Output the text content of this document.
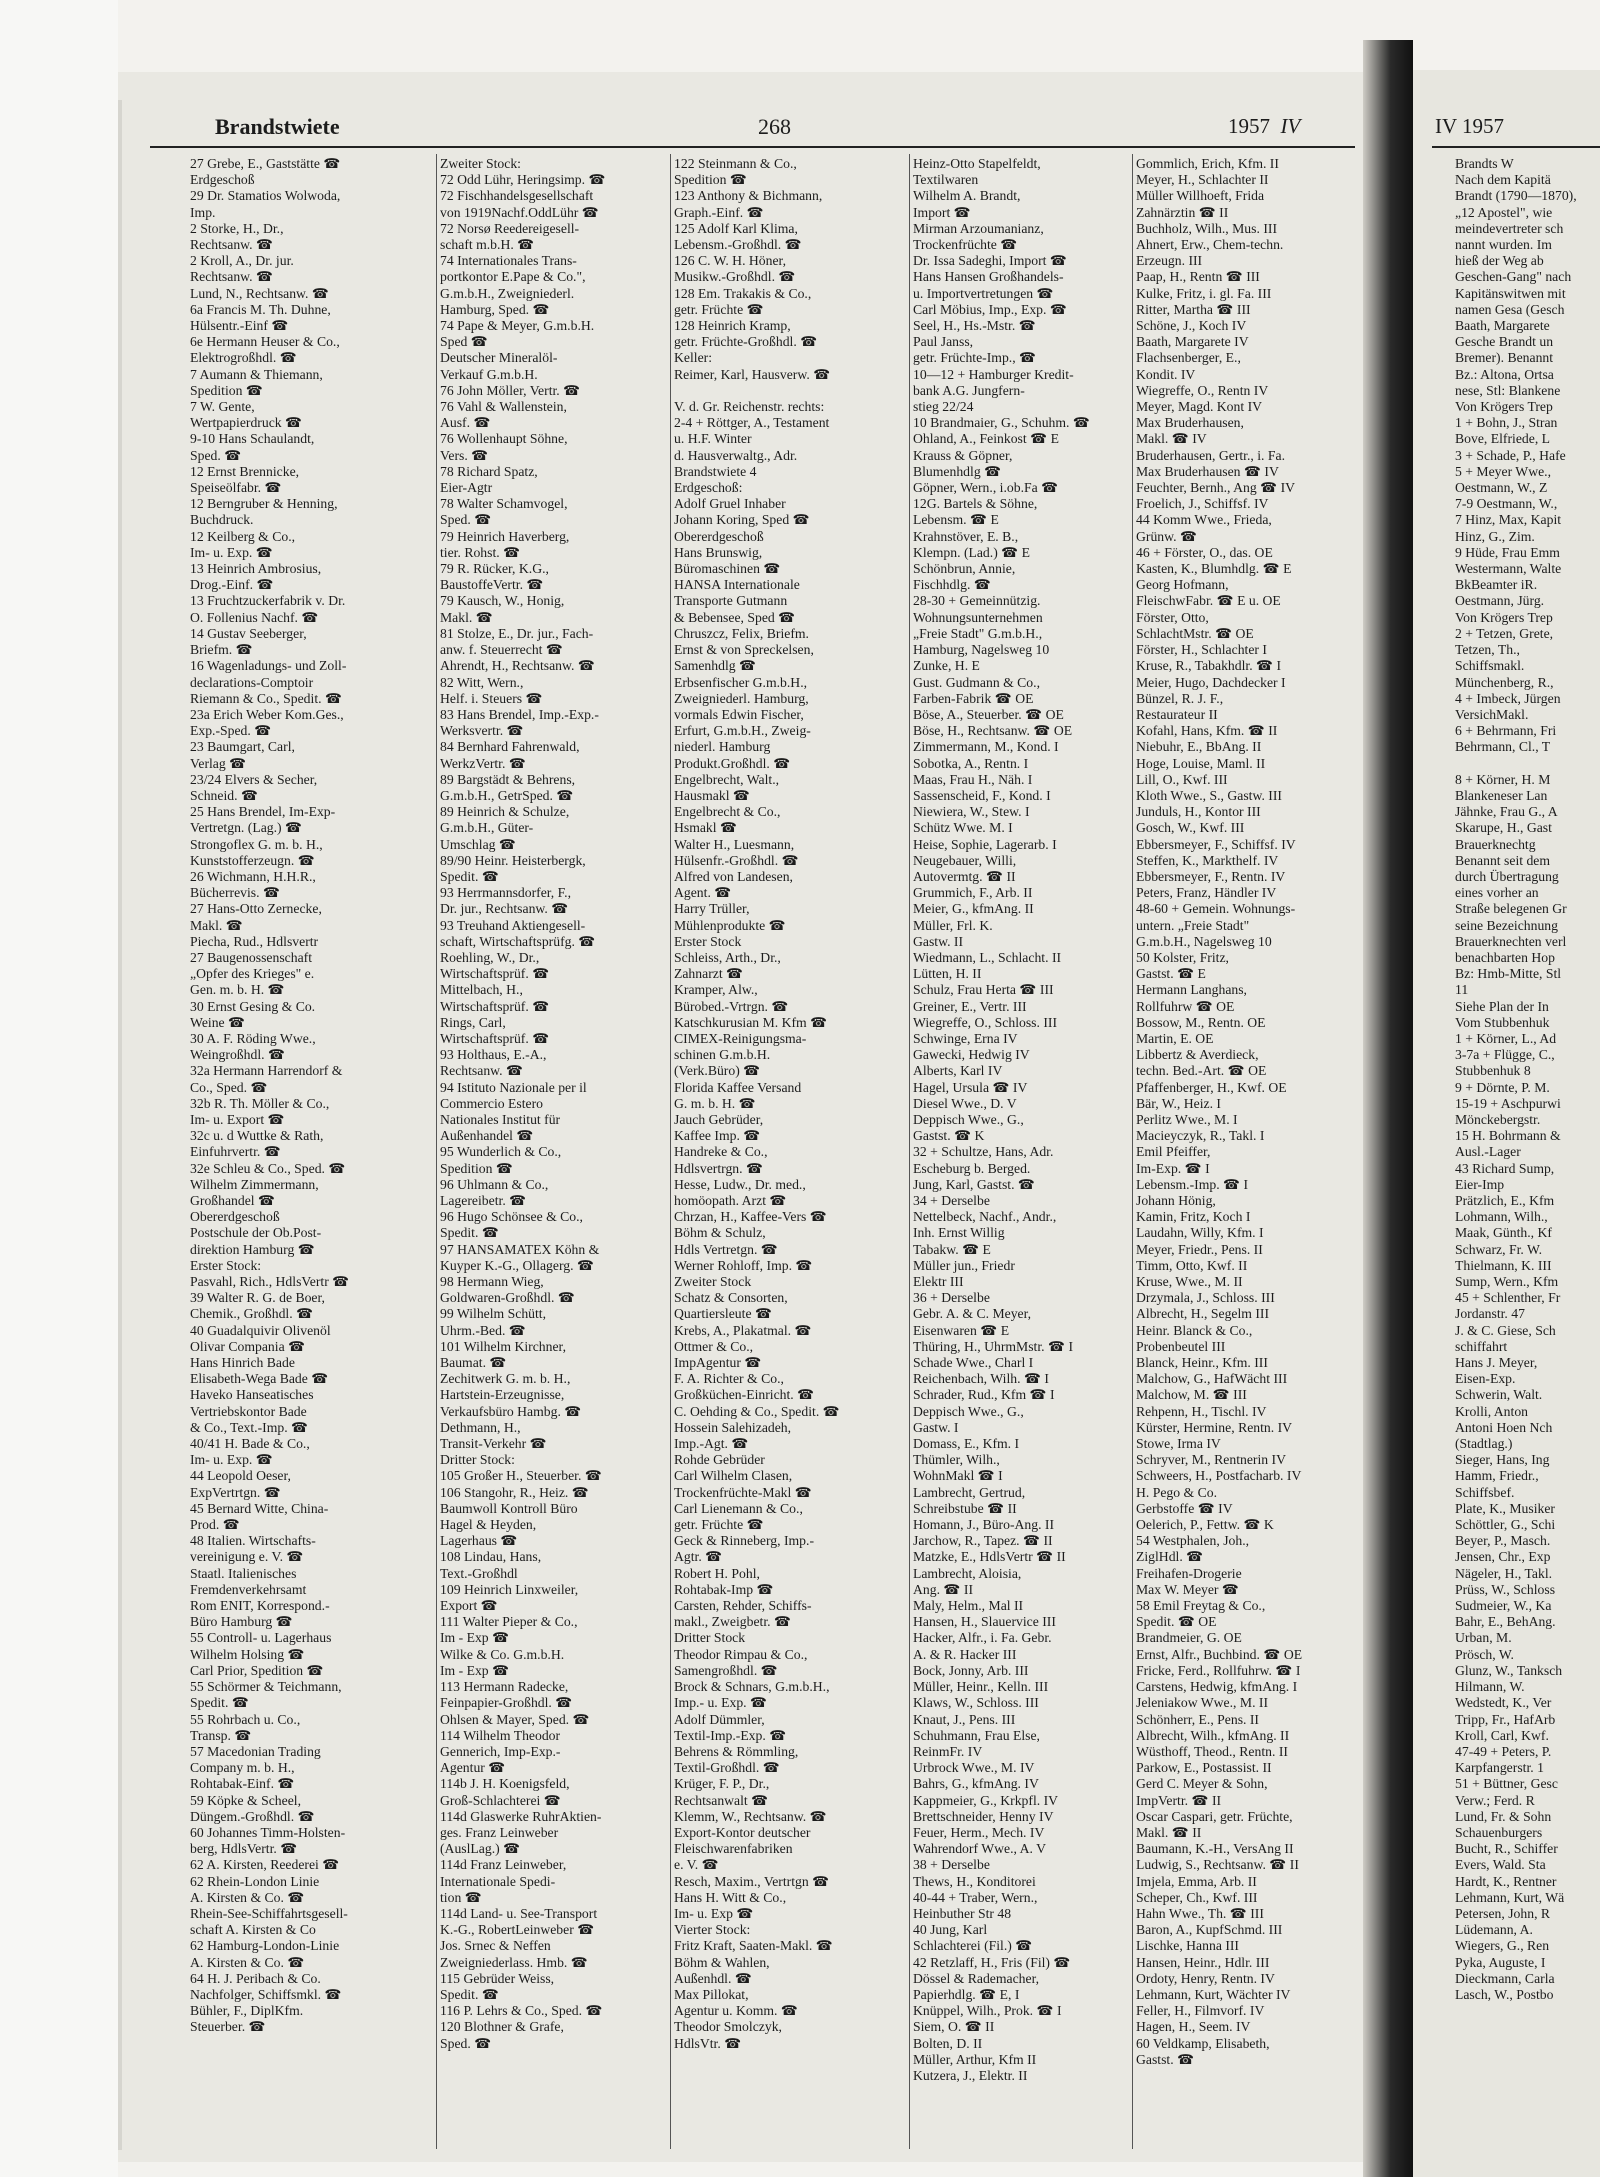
Brandstwiete	268	1957 IV
27 Grebe, E., Gaststätte ☎
Erdgeschoß
29 Dr. Stamatios Wolwoda,
Imp.
2 Storke, H., Dr.,
Rechtsanw. ☎
2 Kroll, A., Dr. jur.
Rechtsanw. ☎
Lund, N., Rechtsanw. ☎
6a Francis M. Th. Duhne,
Hülsentr.-Einf ☎
6e Hermann Heuser & Co.,
Elektrogroßhdl. ☎
7 Aumann & Thiemann,
Spedition ☎
7 W. Gente,
Wertpapierdruck ☎
9-10 Hans Schaulandt,
Sped. ☎
12 Ernst Brennicke,
Speiseölfabr. ☎
12 Berngruber & Henning,
Buchdruck.
12 Keilberg & Co.,
Im- u. Exp. ☎
13 Heinrich Ambrosius,
Drog.-Einf. ☎
13 Fruchtzuckerfabrik v. Dr.
O. Follenius Nachf. ☎
14 Gustav Seeberger,
Briefm. ☎
16 Wagenladungs- und Zoll-
declarations-Comptoir
Riemann & Co., Spedit. ☎
23a Erich Weber Kom.Ges.,
Exp.-Sped. ☎
23 Baumgart, Carl,
Verlag ☎
23/24 Elvers & Secher,
Schneid. ☎
25 Hans Brendel, Im-Exp-
Vertretgn. (Lag.) ☎
Strongoflex G. m. b. H.,
Kunststofferzeugn. ☎
26 Wichmann, H.H.R.,
Bücherrevis. ☎
27 Hans-Otto Zernecke,
Makl. ☎
Piecha, Rud., Hdlsvertr
27 Baugenossenschaft
„Opfer des Krieges" e.
Gen. m. b. H. ☎
30 Ernst Gesing & Co.
Weine ☎
30 A. F. Röding Wwe.,
Weingroßhdl. ☎
32a Hermann Harrendorf &
Co., Sped. ☎
32b R. Th. Möller & Co.,
Im- u. Export ☎
32c u. d Wuttke & Rath,
Einfuhrvertr. ☎
32e Schleu & Co., Sped. ☎
Wilhelm Zimmermann,
Großhandel ☎
Obererdgeschoß
Postschule der Ob.Post-
direktion Hamburg ☎
Erster Stock:
Pasvahl, Rich., HdlsVertr ☎
39 Walter R. G. de Boer,
Chemik., Großhdl. ☎
40 Guadalquivir Olivenöl
Olivar Compania ☎
Hans Hinrich Bade
Elisabeth-Wega Bade ☎
Haveko Hanseatisches
Vertriebskontor Bade
& Co., Text.-Imp. ☎
40/41 H. Bade & Co.,
Im- u. Exp. ☎
44 Leopold Oeser,
ExpVertrtgn. ☎
45 Bernard Witte, China-
Prod. ☎
48 Italien. Wirtschafts-
vereinigung e. V. ☎
Staatl. Italienisches
Fremdenverkehrsamt
Rom ENIT, Korrespond.-
Büro Hamburg ☎
55 Controll- u. Lagerhaus
Wilhelm Holsing ☎
Carl Prior, Spedition ☎
55 Schörmer & Teichmann,
Spedit. ☎
55 Rohrbach u. Co.,
Transp. ☎
57 Macedonian Trading
Company m. b. H.,
Rohtabak-Einf. ☎
59 Köpke & Scheel,
Düngem.-Großhdl. ☎
60 Johannes Timm-Holsten-
berg, HdlsVertr. ☎
62 A. Kirsten, Reederei ☎
62 Rhein-London Linie
A. Kirsten & Co. ☎
Rhein-See-Schiffahrtsgesell-
schaft A. Kirsten & Co
62 Hamburg-London-Linie
A. Kirsten & Co. ☎
64 H. J. Peribach & Co.
Nachfolger, Schiffsmkl. ☎
Bühler, F., DiplKfm.
Steuerber. ☎
Zweiter Stock:
72 Odd Lühr, Heringsimp. ☎
72 Fischhandelsgesellschaft
von 1919Nachf.OddLühr ☎
72 Norsø Reedereigesell-
schaft m.b.H. ☎
74 Internationales Trans-
portkontor E.Pape & Co.",
G.m.b.H., Zweigniederl.
Hamburg, Sped. ☎
74 Pape & Meyer, G.m.b.H.
Sped ☎
Deutscher Mineralöl-
Verkauf G.m.b.H.
76 John Möller, Vertr. ☎
76 Vahl & Wallenstein,
Ausf. ☎
76 Wollenhaupt Söhne,
Vers. ☎
78 Richard Spatz,
Eier-Agtr
78 Walter Schamvogel,
Sped. ☎
79 Heinrich Haverberg,
tier. Rohst. ☎
79 R. Rücker, K.G.,
BaustoffeVertr. ☎
79 Kausch, W., Honig,
Makl. ☎
81 Stolze, E., Dr. jur., Fach-
anw. f. Steuerrecht ☎
Ahrendt, H., Rechtsanw. ☎
82 Witt, Wern.,
Helf. i. Steuers ☎
83 Hans Brendel, Imp.-Exp.-
Werksvertr. ☎
84 Bernhard Fahrenwald,
WerkzVertr. ☎
89 Bargstädt & Behrens,
G.m.b.H., GetrSped. ☎
89 Heinrich & Schulze,
G.m.b.H., Güter-
Umschlag ☎
89/90 Heinr. Heisterbergk,
Spedit. ☎
93 Herrmannsdorfer, F.,
Dr. jur., Rechtsanw. ☎
93 Treuhand Aktiengesell-
schaft, Wirtschaftsprüfg. ☎
Roehling, W., Dr.,
Wirtschaftsprüf. ☎
Mittelbach, H.,
Wirtschaftsprüf. ☎
Rings, Carl,
Wirtschaftsprüf. ☎
93 Holthaus, E.-A.,
Rechtsanw. ☎
94 Istituto Nazionale per il
Commercio Estero
Nationales Institut für
Außenhandel ☎
95 Wunderlich & Co.,
Spedition ☎
96 Uhlmann & Co.,
Lagereibetr. ☎
96 Hugo Schönsee & Co.,
Spedit. ☎
97 HANSAMATEX Köhn &
Kuyper K.-G., Ollagerg. ☎
98 Hermann Wieg,
Goldwaren-Großhdl. ☎
99 Wilhelm Schütt,
Uhrm.-Bed. ☎
101 Wilhelm Kirchner,
Baumat. ☎
Zechitwerk G. m. b. H.,
Hartstein-Erzeugnisse,
Verkaufsbüro Hambg. ☎
Dethmann, H.,
Transit-Verkehr ☎
Dritter Stock:
105 Großer H., Steuerber. ☎
106 Stangohr, R., Heiz. ☎
Baumwoll Kontroll Büro
Hagel & Heyden,
Lagerhaus ☎
108 Lindau, Hans,
Text.-Großhdl
109 Heinrich Linxweiler,
Export ☎
111 Walter Pieper & Co.,
Im - Exp ☎
Wilke & Co. G.m.b.H.
Im - Exp ☎
113 Hermann Radecke,
Feinpapier-Großhdl. ☎
Ohlsen & Mayer, Sped. ☎
114 Wilhelm Theodor
Gennerich, Imp-Exp.-
Agentur ☎
114b J. H. Koenigsfeld,
Groß-Schlachterei ☎
114d Glaswerke RuhrAktien-
ges. Franz Leinweber
(AuslLag.) ☎
114d Franz Leinweber,
Internationale Spedi-
tion ☎
114d Land- u. See-Transport
K.-G., RobertLeinweber ☎
Jos. Srnec & Neffen
Zweigniederlass. Hmb. ☎
115 Gebrüder Weiss,
Spedit. ☎
116 P. Lehrs & Co., Sped. ☎
120 Blothner & Grafe,
Sped. ☎
122 Steinmann & Co.,
Spedition ☎
123 Anthony & Bichmann,
Graph.-Einf. ☎
125 Adolf Karl Klima,
Lebensm.-Großhdl. ☎
126 C. W. H. Höner,
Musikw.-Großhdl. ☎
128 Em. Trakakis & Co.,
getr. Früchte ☎
128 Heinrich Kramp,
getr. Früchte-Großhdl. ☎
Keller:
Reimer, Karl, Hausverw. ☎

V. d. Gr. Reichenstr. rechts:
2-4 + Röttger, A., Testament
u. H.F. Winter
d. Hausverwaltg., Adr.
Brandstwiete 4
Erdgeschoß:
Adolf Gruel Inhaber
Johann Koring, Sped ☎
Obererdgeschoß
Hans Brunswig,
Büromaschinen ☎
HANSA Internationale
Transporte Gutmann
& Bebensee, Sped ☎
Chruszcz, Felix, Briefm.
Ernst & von Spreckelsen,
Samenhdlg ☎
Erbsenfischer G.m.b.H.,
Zweigniederl. Hamburg,
vormals Edwin Fischer,
Erfurt, G.m.b.H., Zweig-
niederl. Hamburg
Produkt.Großhdl. ☎
Engelbrecht, Walt.,
Hausmakl ☎
Engelbrecht & Co.,
Hsmakl ☎
Walter H., Luesmann,
Hülsenfr.-Großhdl. ☎
Alfred von Landesen,
Agent. ☎
Harry Trüller,
Mühlenprodukte ☎
Erster Stock
Schleiss, Arth., Dr.,
Zahnarzt ☎
Kramper, Alw.,
Bürobed.-Vrtrgn. ☎
Katschkurusian M. Kfm ☎
CIMEX-Reinigungsma-
schinen G.m.b.H.
(Verk.Büro) ☎
Florida Kaffee Versand
G. m. b. H. ☎
Jauch Gebrüder,
Kaffee Imp. ☎
Handreke & Co.,
Hdlsvertrgn. ☎
Hesse, Ludw., Dr. med.,
homöopath. Arzt ☎
Chrzan, H., Kaffee-Vers ☎
Böhm & Schulz,
Hdls Vertretgn. ☎
Werner Rohloff, Imp. ☎
Zweiter Stock
Schatz & Consorten,
Quartiersleute ☎
Krebs, A., Plakatmal. ☎
Ottmer & Co.,
ImpAgentur ☎
F. A. Richter & Co.,
Großküchen-Einricht. ☎
C. Oehding & Co., Spedit. ☎
Hossein Salehizadeh,
Imp.-Agt. ☎
Rohde Gebrüder
Carl Wilhelm Clasen,
Trockenfrüchte-Makl ☎
Carl Lienemann & Co.,
getr. Früchte ☎
Geck & Rinneberg, Imp.-
Agtr. ☎
Robert H. Pohl,
Rohtabak-Imp ☎
Carsten, Rehder, Schiffs-
makl., Zweigbetr. ☎
Dritter Stock
Theodor Rimpau & Co.,
Samengroßhdl. ☎
Brock & Schnars, G.m.b.H.,
Imp.- u. Exp. ☎
Adolf Dümmler,
Textil-Imp.-Exp. ☎
Behrens & Römmling,
Textil-Großhdl. ☎
Krüger, F. P., Dr.,
Rechtsanwalt ☎
Klemm, W., Rechtsanw. ☎
Export-Kontor deutscher
Fleischwarenfabriken
e. V. ☎
Resch, Maxim., Vertrtgn ☎
Hans H. Witt & Co.,
Im- u. Exp ☎
Vierter Stock:
Fritz Kraft, Saaten-Makl. ☎
Böhm & Wahlen,
Außenhdl. ☎
Max Pillokat,
Agentur u. Komm. ☎
Theodor Smolczyk,
HdlsVtr. ☎
Heinz-Otto Stapelfeldt,
Textilwaren
Wilhelm A. Brandt,
Import ☎
Mirman Arzoumanianz,
Trockenfrüchte ☎
Dr. Issa Sadeghi, Import ☎
Hans Hansen Großhandels-
u. Importvertretungen ☎
Carl Möbius, Imp., Exp. ☎
Seel, H., Hs.-Mstr. ☎
Paul Janss,
getr. Früchte-Imp., ☎
10—12 + Hamburger Kredit-
bank A.G. Jungfern-
stieg 22/24
10 Brandmaier, G., Schuhm. ☎
Ohland, A., Feinkost ☎ E
Krauss & Göpner,
Blumenhdlg ☎
Göpner, Wern., i.ob.Fa ☎
12G. Bartels & Söhne,
Lebensm. ☎ E
Krahnstöver, E. B.,
Klempn. (Lad.) ☎ E
Schönbrun, Annie,
Fischhdlg. ☎
28-30 + Gemeinnützig.
Wohnungsunternehmen
„Freie Stadt" G.m.b.H.,
Hamburg, Nagelsweg 10
Zunke, H. E
Gust. Gudmann & Co.,
Farben-Fabrik ☎ OE
Böse, A., Steuerber. ☎ OE
Böse, H., Rechtsanw. ☎ OE
Zimmermann, M., Kond. I
Sobotka, A., Rentn. I
Maas, Frau H., Näh. I
Sassenscheid, F., Kond. I
Niewiera, W., Stew. I
Schütz Wwe. M. I
Heise, Sophie, Lagerarb. I
Neugebauer, Willi,
Autovermtg. ☎ II
Grummich, F., Arb. II
Meier, G., kfmAng. II
Müller, Frl. K.
Gastw. II
Wiedmann, L., Schlacht. II
Lütten, H. II
Schulz, Frau Herta ☎ III
Greiner, E., Vertr. III
Wiegreffe, O., Schloss. III
Schwinge, Erna IV
Gawecki, Hedwig IV
Alberts, Karl IV
Hagel, Ursula ☎ IV
Diesel Wwe., D. V
Deppisch Wwe., G.,
Gastst. ☎ K
32 + Schultze, Hans, Adr.
Escheburg b. Berged.
Jung, Karl, Gastst. ☎
34 + Derselbe
Nettelbeck, Nachf., Andr.,
Inh. Ernst Willig
Tabakw. ☎ E
Müller jun., Friedr
Elektr III
36 + Derselbe
Gebr. A. & C. Meyer,
Eisenwaren ☎ E
Thüring, H., UhrmMstr. ☎ I
Schade Wwe., Charl I
Reichenbach, Wilh. ☎ I
Schrader, Rud., Kfm ☎ I
Deppisch Wwe., G.,
Gastw. I
Domass, E., Kfm. I
Thümler, Wilh.,
WohnMakl ☎ I
Lambrecht, Gertrud,
Schreibstube ☎ II
Homann, J., Büro-Ang. II
Jarchow, R., Tapez. ☎ II
Matzke, E., HdlsVertr ☎ II
Lambrecht, Aloisia,
Ang. ☎ II
Maly, Helm., Mal II
Hansen, H., Slauervice III
Hacker, Alfr., i. Fa. Gebr.
A. & R. Hacker III
Bock, Jonny, Arb. III
Müller, Heinr., Kelln. III
Klaws, W., Schloss. III
Knaut, J., Pens. III
Schuhmann, Frau Else,
ReinmFr. IV
Urbrock Wwe., M. IV
Bahrs, G., kfmAng. IV
Kappmeier, G., Krkpfl. IV
Brettschneider, Henny IV
Feuer, Herm., Mech. IV
Wahrendorf Wwe., A. V
38 + Derselbe
Thews, H., Konditorei
40-44 + Traber, Wern.,
Heinbuther Str 48
40 Jung, Karl
Schlachterei (Fil.) ☎
42 Retzlaff, H., Fris (Fil) ☎
Dössel & Rademacher,
Papierhdlg. ☎ E, I
Knüppel, Wilh., Prok. ☎ I
Siem, O. ☎ II
Bolten, D. II
Müller, Arthur, Kfm II
Kutzera, J., Elektr. II
Gommlich, Erich, Kfm. II
Meyer, H., Schlachter II
Müller Willhoeft, Frida
Zahnärztin ☎ II
Buchholz, Wilh., Mus. III
Ahnert, Erw., Chem-techn.
Erzeugn. III
Paap, H., Rentn ☎ III
Kulke, Fritz, i. gl. Fa. III
Ritter, Martha ☎ III
Schöne, J., Koch IV
Baath, Margarete IV
Flachsenberger, E.,
Kondit. IV
Wiegreffe, O., Rentn IV
Meyer, Magd. Kont IV
Max Bruderhausen,
Makl. ☎ IV
Bruderhausen, Gertr., i. Fa.
Max Bruderhausen ☎ IV
Feuchter, Bernh., Ang ☎ IV
Froelich, J., Schiffsf. IV
44 Komm Wwe., Frieda,
Grünw. ☎
46 + Förster, O., das. OE
Kasten, K., Blumhdlg. ☎ E
Georg Hofmann,
FleischwFabr. ☎ E u. OE
Förster, Otto,
SchlachtMstr. ☎ OE
Förster, H., Schlachter I
Kruse, R., Tabakhdlr. ☎ I
Meier, Hugo, Dachdecker I
Bünzel, R. J. F.,
Restaurateur II
Kofahl, Hans, Kfm. ☎ II
Niebuhr, E., BbAng. II
Hoge, Louise, Maml. II
Lill, O., Kwf. III
Kloth Wwe., S., Gastw. III
Junduls, H., Kontor III
Gosch, W., Kwf. III
Ebbersmeyer, F., Schiffsf. IV
Steffen, K., Markthelf. IV
Ebbersmeyer, F., Rentn. IV
Peters, Franz, Händler IV
48-60 + Gemein. Wohnungs-
untern. „Freie Stadt"
G.m.b.H., Nagelsweg 10
50 Kolster, Fritz,
Gastst. ☎ E
Hermann Langhans,
Rollfuhrw ☎ OE
Bossow, M., Rentn. OE
Martin, E. OE
Libbertz & Averdieck,
techn. Bed.-Art. ☎ OE
Pfaffenberger, H., Kwf. OE
Bär, W., Heiz. I
Perlitz Wwe., M. I
Macieyczyk, R., Takl. I
Emil Pfeiffer,
Im-Exp. ☎ I
Lebensm.-Imp. ☎ I
Johann Hönig,
Kamin, Fritz, Koch I
Laudahn, Willy, Kfm. I
Meyer, Friedr., Pens. II
Timm, Otto, Kwf. II
Kruse, Wwe., M. II
Drzymala, J., Schloss. III
Albrecht, H., Segelm III
Heinr. Blanck & Co.,
Probenbeutel III
Blanck, Heinr., Kfm. III
Malchow, G., HafWächt III
Malchow, M. ☎ III
Rehpenn, H., Tischl. IV
Kürster, Hermine, Rentn. IV
Stowe, Irma IV
Schryver, M., Rentnerin IV
Schweers, H., Postfacharb. IV
H. Pego & Co.
Gerbstoffe ☎ IV
Oelerich, P., Fettw. ☎ K
54 Westphalen, Joh.,
ZiglHdl. ☎
Freihafen-Drogerie
Max W. Meyer ☎
58 Emil Freytag & Co.,
Spedit. ☎ OE
Brandmeier, G. OE
Ernst, Alfr., Buchbind. ☎ OE
Fricke, Ferd., Rollfuhrw. ☎ I
Carstens, Hedwig, kfmAng. I
Jeleniakow Wwe., M. II
Schönherr, E., Pens. II
Albrecht, Wilh., kfmAng. II
Wüsthoff, Theod., Rentn. II
Parkow, E., Postassist. II
Gerd C. Meyer & Sohn,
ImpVertr. ☎ II
Oscar Caspari, getr. Früchte,
Makl. ☎ II
Baumann, K.-H., VersAng II
Ludwig, S., Rechtsanw. ☎ II
Imjela, Emma, Arb. II
Scheper, Ch., Kwf. III
Hahn Wwe., Th. ☎ III
Baron, A., KupfSchmd. III
Lischke, Hanna III
Hansen, Heinr., Hdlr. III
Ordoty, Henry, Rentn. IV
Lehmann, Kurt, Wächter IV
Feller, H., Filmvorf. IV
Hagen, H., Seem. IV
60 Veldkamp, Elisabeth,
Gastst. ☎
IV 1957
Brandts W
Nach dem Kapitä
Brandt (1790—1870),
„12 Apostel", wie
meindevertreter sch
nannt wurden. Im
hieß der Weg ab
Geschen-Gang" nach
Kapitänswitwen mit
namen Gesa (Gesch
Baath, Margarete
Gesche Brandt un
Bremer). Benannt
Bz.: Altona, Ortsa
nese, Stl: Blankene
Von Krögers Trep
1 + Bohn, J., Stran
Bove, Elfriede, L
3 + Schade, P., Hafe
5 + Meyer Wwe.,
Oestmann, W., Z
7-9 Oestmann, W.,
7 Hinz, Max, Kapit
Hinz, G., Zim.
9 Hüde, Frau Emm
Westermann, Walte
BkBeamter iR.
Oestmann, Jürg.
Von Krögers Trep
2 + Tetzen, Grete,
Tetzen, Th.,
Schiffsmakl.
Münchenberg, R.,
4 + Imbeck, Jürgen
VersichMakl.
6 + Behrmann, Fri
Behrmann, Cl., T

8 + Körner, H. M
Blankeneser Lan
Jähnke, Frau G., A
Skarupe, H., Gast
Brauerknechtg
Benannt seit dem
durch Übertragung
eines vorher an
Straße belegenen Gr
seine Bezeichnung
Brauerknechten verl
benachbarten Hop
Bz: Hmb-Mitte, Stl
11
Siehe Plan der In
Vom Stubbenhuk
1 + Körner, L., Ad
3-7a + Flügge, C.,
Stubbenhuk 8
9 + Dörnte, P. M.
15-19 + Aschpurwi
Mönckebergstr.
15 H. Bohrmann &
Ausl.-Lager
43 Richard Sump,
Eier-Imp
Prätzlich, E., Kfm
Lohmann, Wilh.,
Maak, Günth., Kf
Schwarz, Fr. W.
Thielmann, K. III
Sump, Wern., Kfm
45 + Schlenther, Fr
Jordanstr. 47
J. & C. Giese, Sch
schiffahrt
Hans J. Meyer,
Eisen-Exp.
Schwerin, Walt.
Krolli, Anton
Antoni Hoen Nch
(Stadtlag.)
Sieger, Hans, Ing
Hamm, Friedr.,
Schiffsbef.
Plate, K., Musiker
Schöttler, G., Schi
Beyer, P., Masch.
Jensen, Chr., Exp
Nägeler, H., Takl.
Prüss, W., Schloss
Sudmeier, W., Ka
Bahr, E., BehAng.
Urban, M.
Prösch, W.
Glunz, W., Tanksch
Hilmann, W.
Wedstedt, K., Ver
Tripp, Fr., HafArb
Kroll, Carl, Kwf.
47-49 + Peters, P.
Karpfangerstr. 1
51 + Büttner, Gesc
Verw.; Ferd. R
Lund, Fr. & Sohn
Schauenburgers
Bucht, R., Schiffer
Evers, Wald. Sta
Hardt, K., Rentner
Lehmann, Kurt, Wä
Petersen, John, R
Lüdemann, A.
Wiegers, G., Ren
Pyka, Auguste, I
Dieckmann, Carla
Lasch, W., Postbo
